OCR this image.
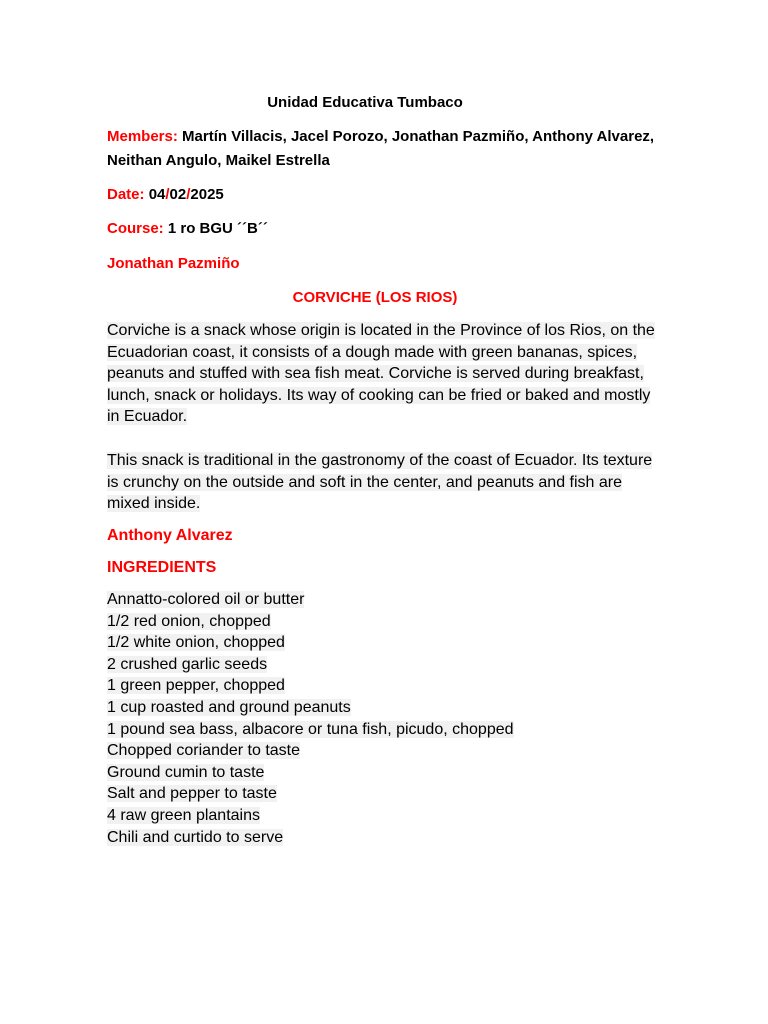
Unidad Educativa Tumbaco
Members: Martín Villacis, Jacel Porozo, Jonathan Pazmiño, Anthony Alvarez, Neithan Angulo, Maikel Estrella
Date: 04/02/2025
Course: 1 ro BGU ´´B´´
Jonathan Pazmiño
CORVICHE (LOS RIOS)

Corviche is a snack whose origin is located in the Province of los Rios, on the Ecuadorian coast, it consists of a dough made with green bananas, spices, peanuts and stuffed with sea fish meat. Corviche is served during breakfast, lunch, snack or holidays. Its way of cooking can be fried or baked and mostly in Ecuador.

This snack is traditional in the gastronomy of the coast of Ecuador. Its texture is crunchy on the outside and soft in the center, and peanuts and fish are mixed inside.

Anthony Alvarez
INGREDIENTS
Annatto-colored oil or butter
1/2 red onion, chopped
1/2 white onion, chopped
2 crushed garlic seeds
1 green pepper, chopped
1 cup roasted and ground peanuts
1 pound sea bass, albacore or tuna fish, picudo, chopped
Chopped coriander to taste
Ground cumin to taste
Salt and pepper to taste
4 raw green plantains
Chili and curtido to serve
